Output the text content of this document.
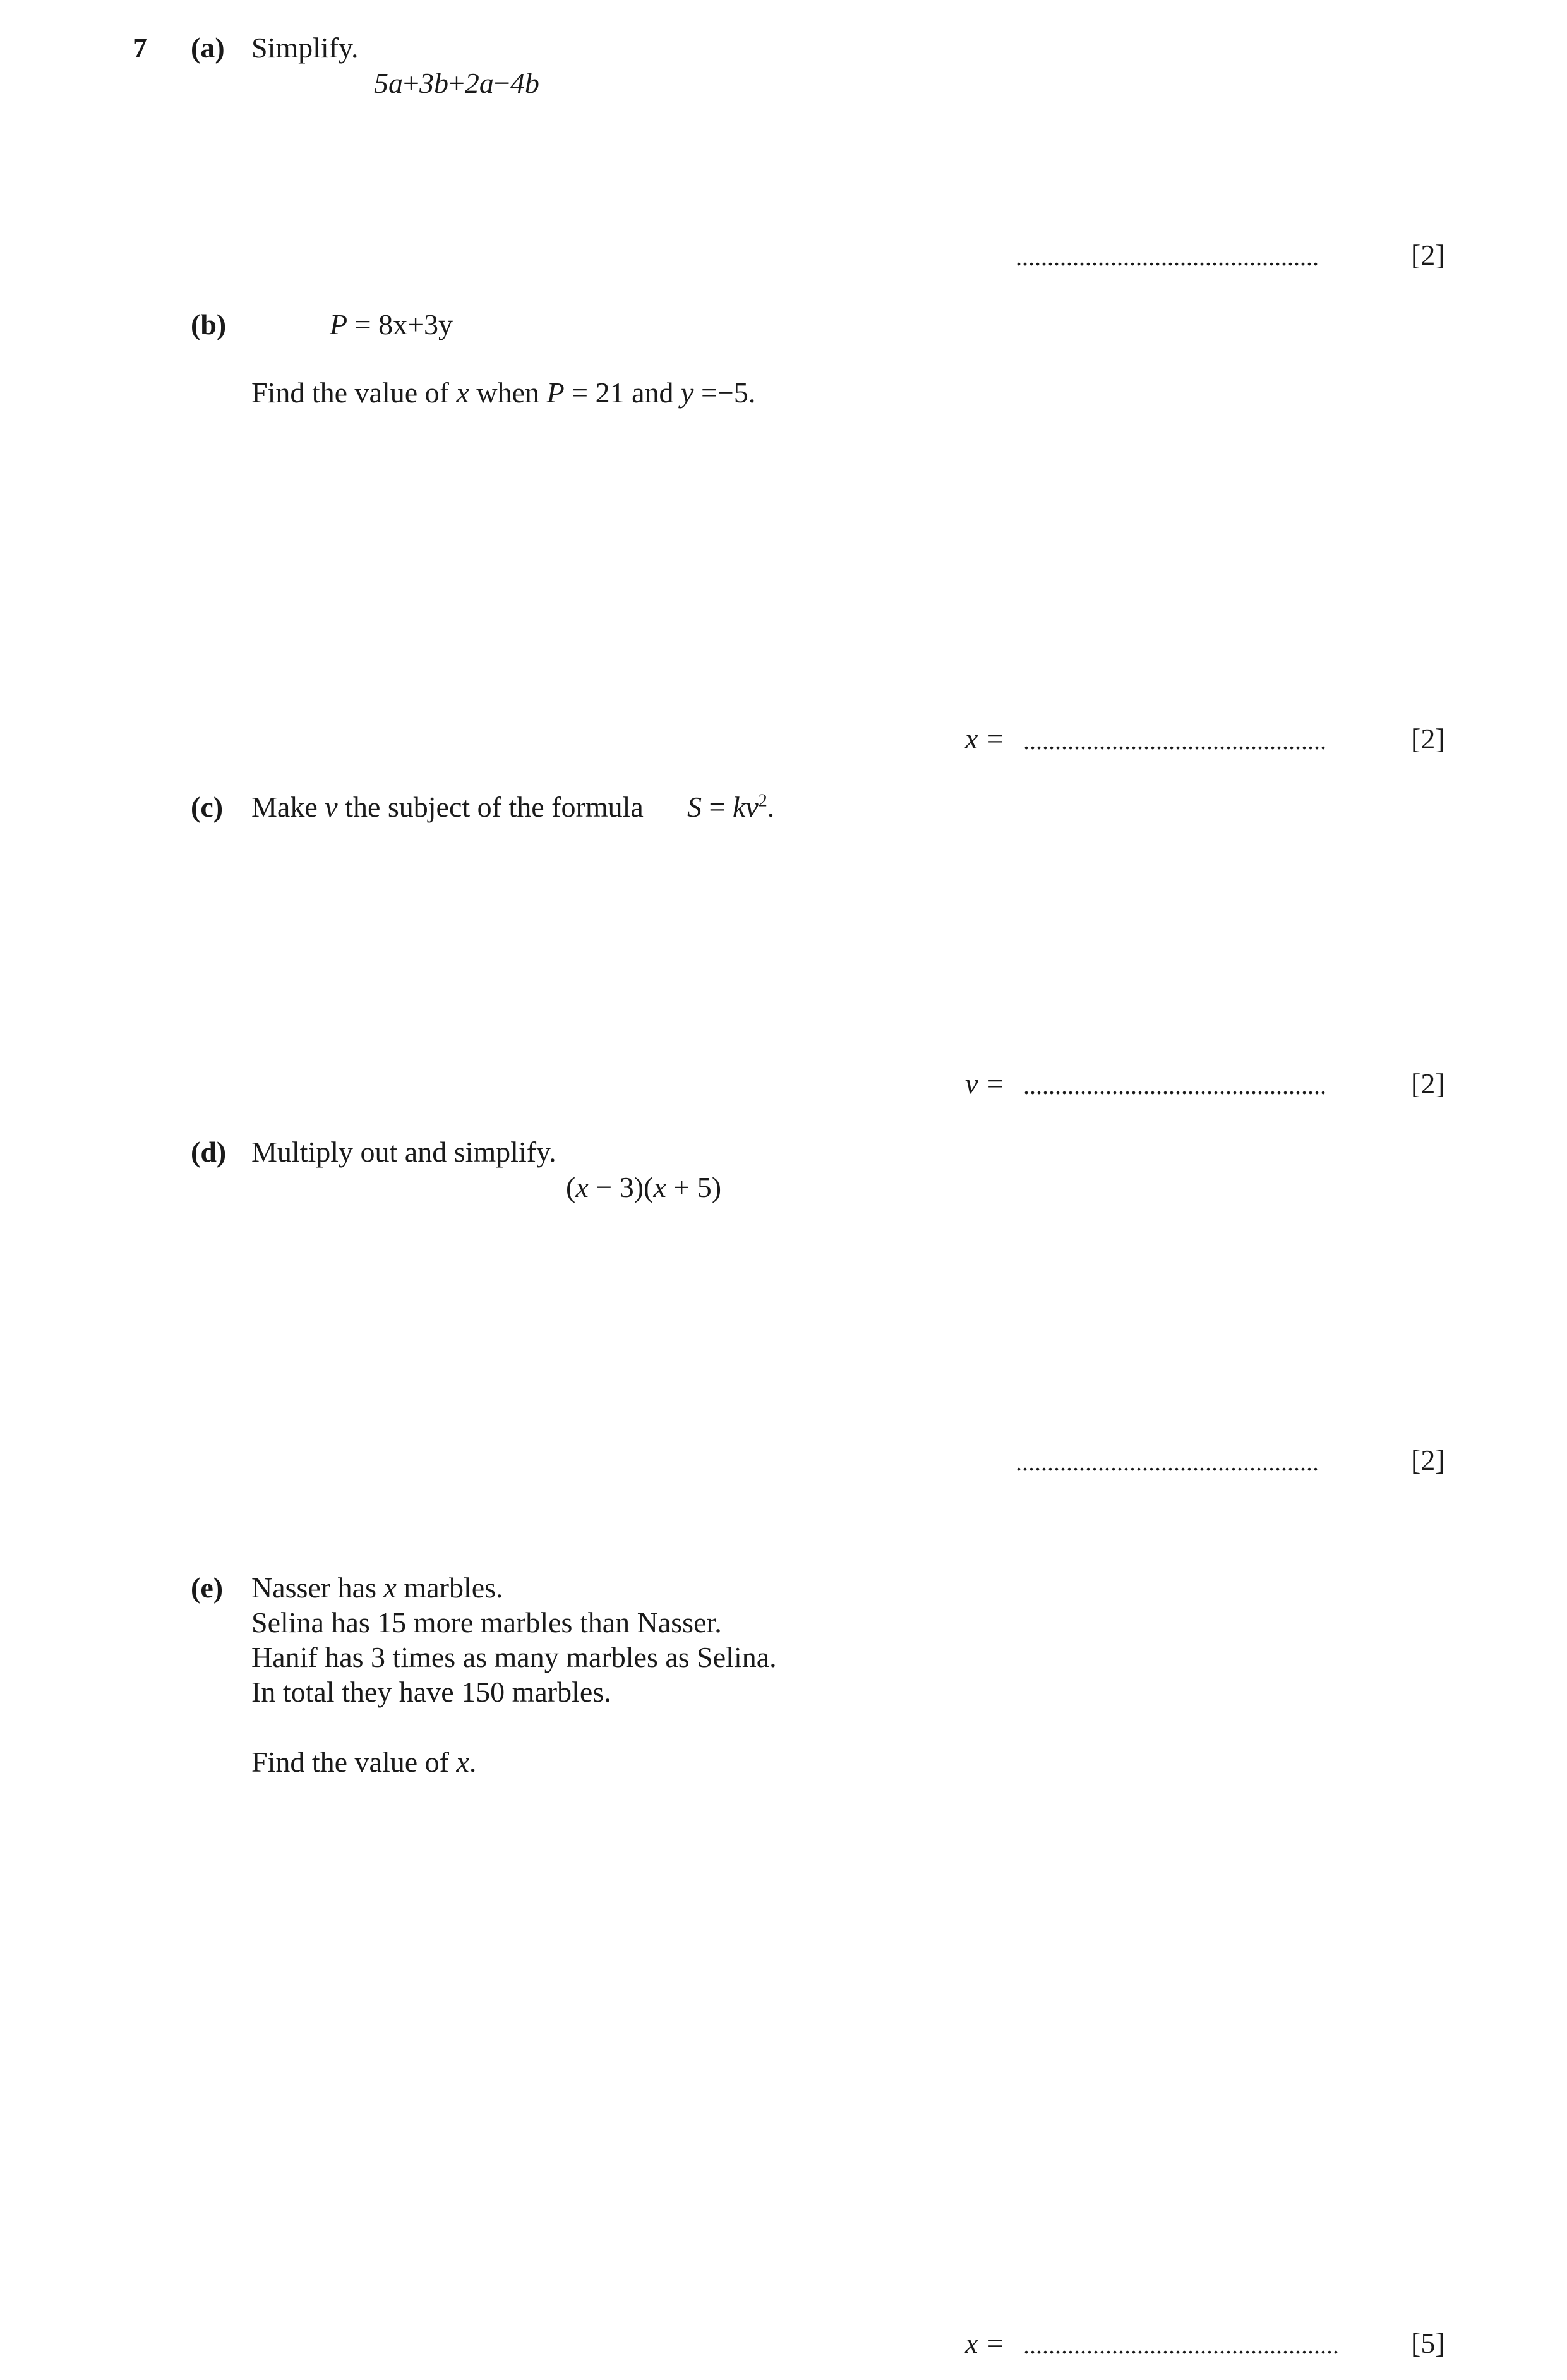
7 (a) Simplify.
5a+3b+2a−4b
................................................	[2]
(b)	P = 8x+3y
Find the value of x when P = 21 and y =−5.
x = ................................................	[2]
(c) Make v the subject of the formula $S = kv^2$.
v = ................................................	[2]
(d) Multiply out and simplify.
(x − 3)(x + 5)
................................................	[2]
(e) Nasser has x marbles.
Selina has 15 more marbles than Nasser.
Hanif has 3 times as many marbles as Selina.
In total they have 150 marbles.
Find the value of x.
x = .................................................. [5]
